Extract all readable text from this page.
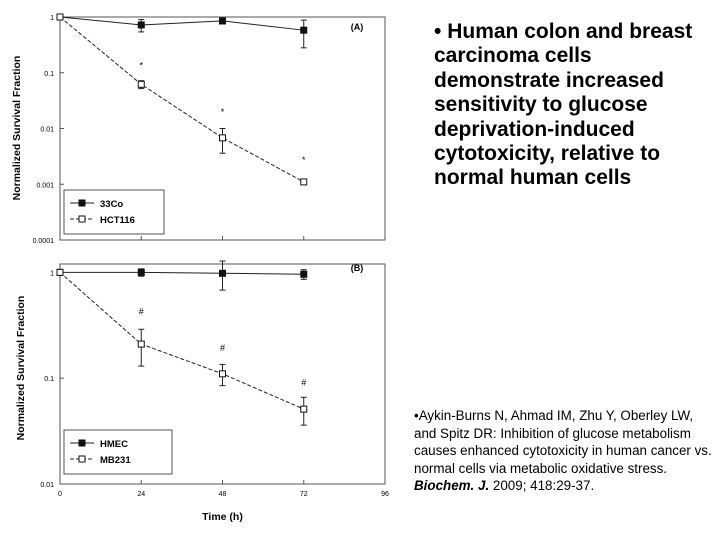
1
0.1
0.01
0.001
0.0001
Normalized Survival Fraction
(A)
*
*
*
33Co
HCT116
1
0.1
0.01
0	24	48	72	96
Normalized Survival Fraction
Time (h)
(B)
#
#
#
HMEC
MB231
• Human colon and breast carcinoma cells demonstrate increased sensitivity to glucose deprivation-induced cytotoxicity, relative to normal human cells
•Aykin-Burns N, Ahmad IM, Zhu Y, Oberley LW, and Spitz DR: Inhibition of glucose metabolism causes enhanced cytotoxicity in human cancer vs. normal cells via metabolic oxidative stress. Biochem. J. 2009; 418:29-37.
